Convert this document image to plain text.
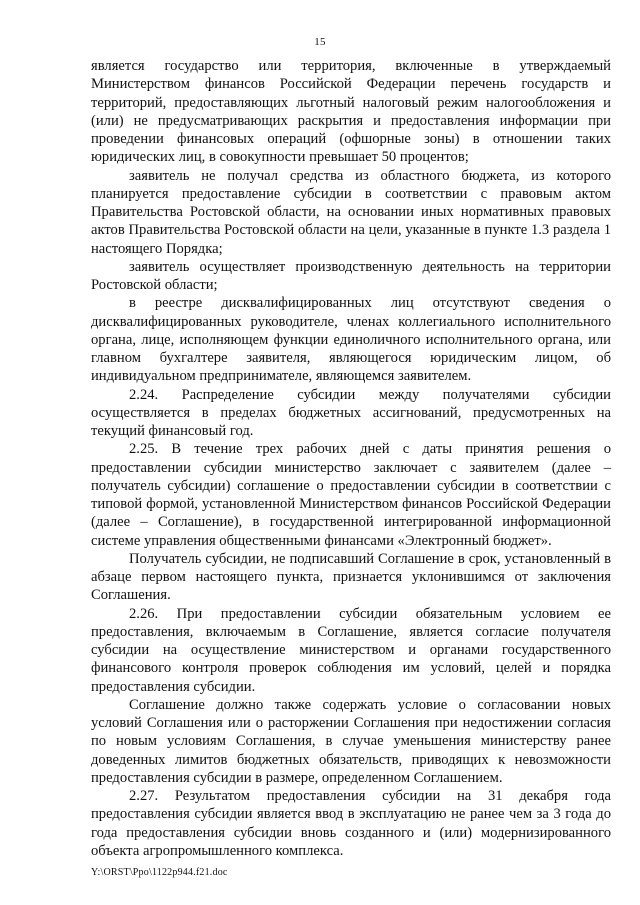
15

является государство или территория, включенные в утверждаемый Министерством финансов Российской Федерации перечень государств и территорий, предоставляющих льготный налоговый режим налогообложения и (или) не предусматривающих раскрытия и предоставления информации при проведении финансовых операций (офшорные зоны) в отношении таких юридических лиц, в совокупности превышает 50 процентов;

заявитель не получал средства из областного бюджета, из которого планируется предоставление субсидии в соответствии с правовым актом Правительства Ростовской области, на основании иных нормативных правовых актов Правительства Ростовской области на цели, указанные в пункте 1.3 раздела 1 настоящего Порядка;

заявитель осуществляет производственную деятельность на территории Ростовской области;

в реестре дисквалифицированных лиц отсутствуют сведения о дисквалифицированных руководителе, членах коллегиального исполнительного органа, лице, исполняющем функции единоличного исполнительного органа, или главном бухгалтере заявителя, являющегося юридическим лицом, об индивидуальном предпринимателе, являющемся заявителем.

2.24. Распределение субсидии между получателями субсидии осуществляется в пределах бюджетных ассигнований, предусмотренных на текущий финансовый год.

2.25. В течение трех рабочих дней с даты принятия решения о предоставлении субсидии министерство заключает с заявителем (далее – получатель субсидии) соглашение о предоставлении субсидии в соответствии с типовой формой, установленной Министерством финансов Российской Федерации (далее – Соглашение), в государственной интегрированной информационной системе управления общественными финансами «Электронный бюджет».

Получатель субсидии, не подписавший Соглашение в срок, установленный в абзаце первом настоящего пункта, признается уклонившимся от заключения Соглашения.

2.26. При предоставлении субсидии обязательным условием ее предоставления, включаемым в Соглашение, является согласие получателя субсидии на осуществление министерством и органами государственного финансового контроля проверок соблюдения им условий, целей и порядка предоставления субсидии.

Соглашение должно также содержать условие о согласовании новых условий Соглашения или о расторжении Соглашения при недостижении согласия по новым условиям Соглашения, в случае уменьшения министерству ранее доведенных лимитов бюджетных обязательств, приводящих к невозможности предоставления субсидии в размере, определенном Соглашением.

2.27. Результатом предоставления субсидии на 31 декабря года предоставления субсидии является ввод в эксплуатацию не ранее чем за 3 года до года предоставления субсидии вновь созданного и (или) модернизированного объекта агропромышленного комплекса.

Y:\ORST\Ppo\1122p944.f21.doc
